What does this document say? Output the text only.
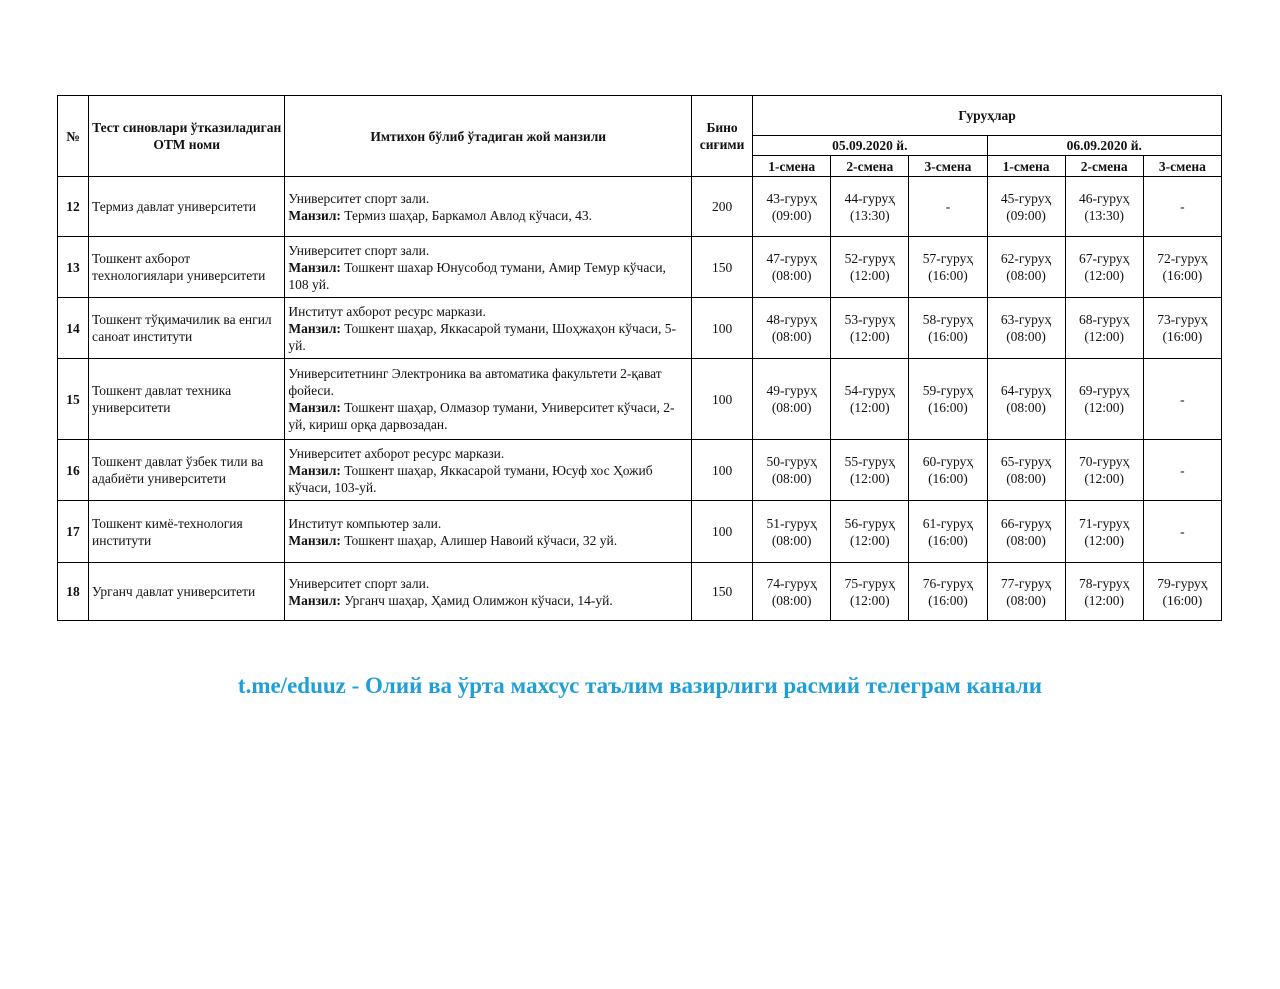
№	Тест синовлари ўтказиладиган ОТМ номи	Имтихон бўлиб ўтадиган жой манзили	Бино сиғими	Гуруҳлар					
				05.09.2020 й.			06.09.2020 й.		
				1-смена	2-смена	3-смена	1-смена	2-смена	3-смена
12	Термиз давлат университети	Университет спорт зали.
Манзил: Термиз шаҳар, Баркамол Авлод кўчаси, 43.	200	43-гуруҳ
(09:00)	44-гуруҳ
(13:30)	-	45-гуруҳ
(09:00)	46-гуруҳ
(13:30)	-

13	Тошкент ахборот технологиялари университети	Университет спорт зали.
Манзил: Тошкент шахар Юнусобод тумани, Амир Темур кўчаси, 108 уй.	150	47-гуруҳ
(08:00)	52-гуруҳ
(12:00)	57-гуруҳ
(16:00)	62-гуруҳ
(08:00)	67-гуруҳ
(12:00)	72-гуруҳ
(16:00)

14	Тошкент тўқимачилик ва енгил саноат институти	Институт ахборот ресурс маркази.
Манзил: Тошкент шаҳар, Яккасарой тумани, Шоҳжаҳон кўчаси, 5-уй.	100	48-гуруҳ
(08:00)	53-гуруҳ
(12:00)	58-гуруҳ
(16:00)	63-гуруҳ
(08:00)	68-гуруҳ
(12:00)	73-гуруҳ
(16:00)

15	Тошкент давлат техника университети	Университетнинг Электроника ва автоматика факультети 2-қават фойеси.
Манзил: Тошкент шаҳар, Олмазор тумани, Университет кўчаси, 2-уй, кириш орқа дарвозадан.	100	49-гуруҳ
(08:00)	54-гуруҳ
(12:00)	59-гуруҳ
(16:00)	64-гуруҳ
(08:00)	69-гуруҳ
(12:00)	-

16	Тошкент давлат ўзбек тили ва адабиёти университети	Университет ахборот ресурс маркази.
Манзил: Тошкент шаҳар, Яккасарой тумани, Юсуф хос Ҳожиб кўчаси, 103-уй.	100	50-гуруҳ
(08:00)	55-гуруҳ
(12:00)	60-гуруҳ
(16:00)	65-гуруҳ
(08:00)	70-гуруҳ
(12:00)	-

17	Тошкент кимё-технология институти	Институт компьютер зали.
Манзил: Тошкент шаҳар, Алишер Навоий кўчаси, 32 уй.	100	51-гуруҳ
(08:00)	56-гуруҳ
(12:00)	61-гуруҳ
(16:00)	66-гуруҳ
(08:00)	71-гуруҳ
(12:00)	-

18	Урганч давлат университети	Университет спорт зали.
Манзил: Урганч шаҳар, Ҳамид Олимжон кўчаси, 14-уй.	150	74-гуруҳ
(08:00)	75-гуруҳ
(12:00)	76-гуруҳ
(16:00)	77-гуруҳ
(08:00)	78-гуруҳ
(12:00)	79-гуруҳ
(16:00)
t.me/eduuz - Олий ва ўрта махсус таълим вазирлиги расмий телеграм канали
